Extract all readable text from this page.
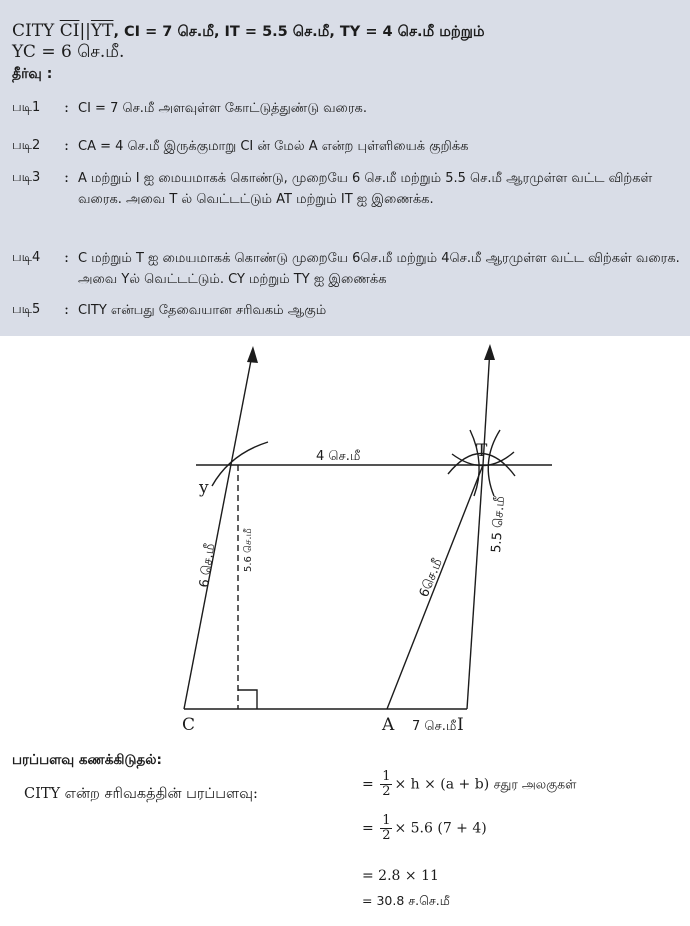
CITY $\overline{CI}||\overline{YT}$, CI = 7 செ.மீ, IT = 5.5 செ.மீ, TY = 4 செ.மீ மற்றும்
YC = 6 செ.மீ.
தீர்வு :
படி1 : CI = 7 செ.மீ அளவுள்ள கோட்டுத்துண்டு வரைக.
படி2 : CA = 4 செ.மீ இருக்குமாறு CI ன் மேல் A என்ற புள்ளியைக் குறிக்க
படி3 : A மற்றும் I ஐ மையமாகக் கொண்டு, முறையே 6 செ.மீ மற்றும் 5.5 செ.மீ ஆரமுள்ள வட்ட விற்கள் வரைக. அவை T ல் வெட்டட்டும் AT மற்றும் IT ஐ இணைக்க.
படி4 : C மற்றும் T ஐ மையமாகக் கொண்டு முறையே 6செ.மீ மற்றும் 4செ.மீ ஆரமுள்ள வட்ட விற்கள் வரைக. அவை Yல் வெட்டட்டும். CY மற்றும் TY ஐ இணைக்க
படி5 : CITY என்பது தேவையான சரிவகம் ஆகும்
T
y
C	A	I
4 செ.மீ
7 செ.மீ
6 செ.மீ 5.6 செ.மீ
6செ.மீ
5.5 செ.மீ
பரப்பளவு கணக்கிடுதல்:
CITY என்ற சரிவகத்தின் பரப்பளவு:
= $\frac{1}{2} \times h \times (a + b)$ சதுர அலகுகள்
= $\frac{1}{2} \times 5.6$ (7 + 4)
= 2.8 × 11
= 30.8 ச.செ.மீ
